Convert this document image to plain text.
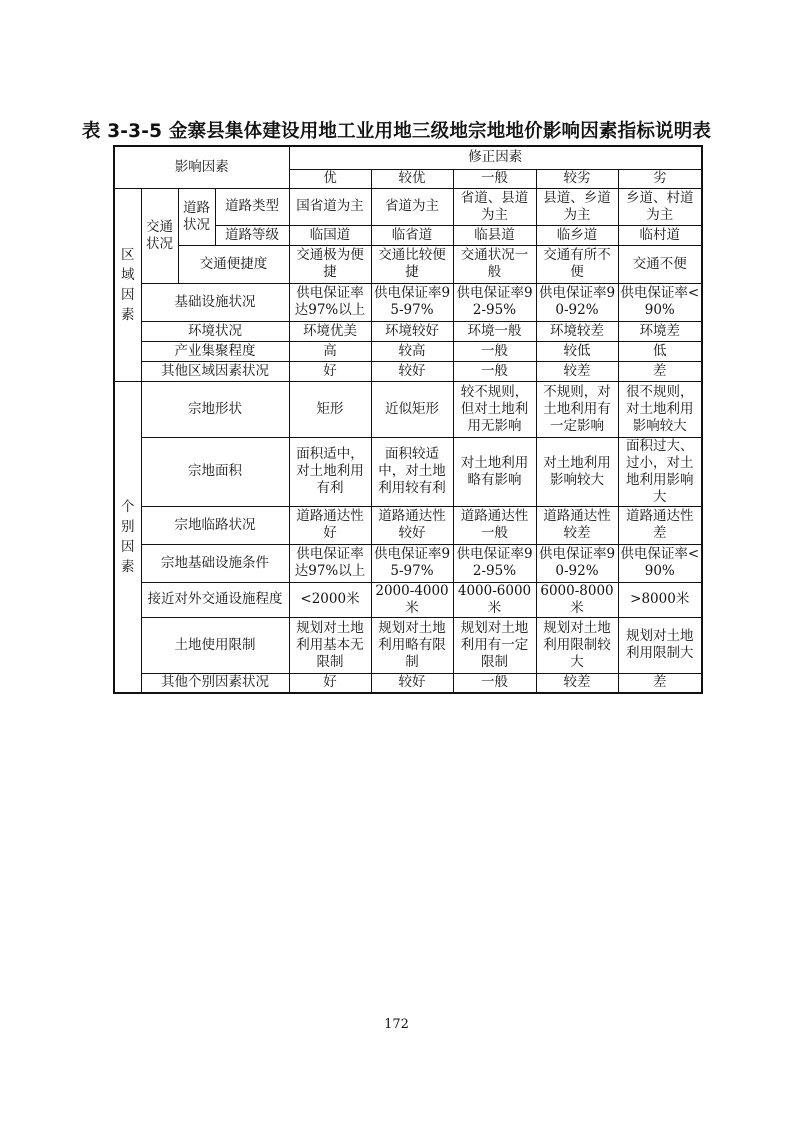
表 3-3-5 金寨县集体建设用地工业用地三级地宗地地价影响因素指标说明表
影响因素				修正因素				
				优	较优	一般	较劣	劣
区域因素	交通状况	道路状况	道路类型	国省道为主	省道为主	省道、县道为主	县道、乡道为主	乡道、村道为主
			道路等级	临国道	临省道	临县道	临乡道	临村道
		交通便捷度		交通极为便捷	交通比较便捷	交通状况一般	交通有所不便	交通不便
	基础设施状况			供电保证率达97%以上	供电保证率95-97%	供电保证率92-95%	供电保证率90-92%	供电保证率<90%
	环境状况			环境优美	环境较好	环境一般	环境较差	环境差
	产业集聚程度			高	较高	一般	较低	低
	其他区域因素状况			好	较好	一般	较差	差
个别因素	宗地形状			矩形	近似矩形	较不规则，但对土地利用无影响	不规则，对土地利用有一定影响	很不规则，对土地利用影响较大
	宗地面积			面积适中，对土地利用有利	面积较适中，对土地利用较有利	对土地利用略有影响	对土地利用影响较大	面积过大、过小，对土地利用影响大
	宗地临路状况			道路通达性好	道路通达性较好	道路通达性一般	道路通达性较差	道路通达性差
	宗地基础设施条件			供电保证率达97%以上	供电保证率95-97%	供电保证率92-95%	供电保证率90-92%	供电保证率<90%
	接近对外交通设施程度			<2000米	2000-4000米	4000-6000米	6000-8000米	>8000米
	土地使用限制			规划对土地利用基本无限制	规划对土地利用略有限制	规划对土地利用有一定限制	规划对土地利用限制较大	规划对土地利用限制大
	其他个别因素状况			好	较好	一般	较差	差
172
